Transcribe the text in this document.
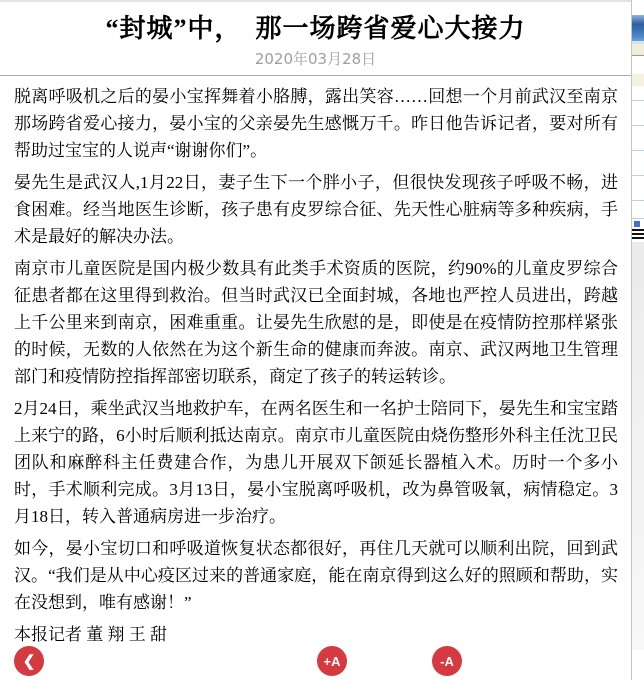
“封城”中，　那一场跨省爱心大接力
2020年03月28日

脱离呼吸机之后的晏小宝挥舞着小胳膊，露出笑容……回想一个月前武汉至南京那场跨省爱心接力，晏小宝的父亲晏先生感慨万千。昨日他告诉记者，要对所有帮助过宝宝的人说声“谢谢你们”。

晏先生是武汉人,1月22日，妻子生下一个胖小子，但很快发现孩子呼吸不畅，进食困难。经当地医生诊断，孩子患有皮罗综合征、先天性心脏病等多种疾病，手术是最好的解决办法。

南京市儿童医院是国内极少数具有此类手术资质的医院，约90%的儿童皮罗综合征患者都在这里得到救治。但当时武汉已全面封城，各地也严控人员进出，跨越上千公里来到南京，困难重重。让晏先生欣慰的是，即使是在疫情防控那样紧张的时候，无数的人依然在为这个新生命的健康而奔波。南京、武汉两地卫生管理部门和疫情防控指挥部密切联系，商定了孩子的转运转诊。

2月24日，乘坐武汉当地救护车，在两名医生和一名护士陪同下，晏先生和宝宝踏上来宁的路，6小时后顺利抵达南京。南京市儿童医院由烧伤整形外科主任沈卫民团队和麻醉科主任费建合作，为患儿开展双下颌延长器植入术。历时一个多小时，手术顺利完成。3月13日，晏小宝脱离呼吸机，改为鼻管吸氧，病情稳定。3月18日，转入普通病房进一步治疗。

如今，晏小宝切口和呼吸道恢复状态都很好，再住几天就可以顺利出院，回到武汉。“我们是从中心疫区过来的普通家庭，能在南京得到这么好的照顾和帮助，实在没想到，唯有感谢！”

本报记者 董 翔 王 甜

❮	+A	-A
